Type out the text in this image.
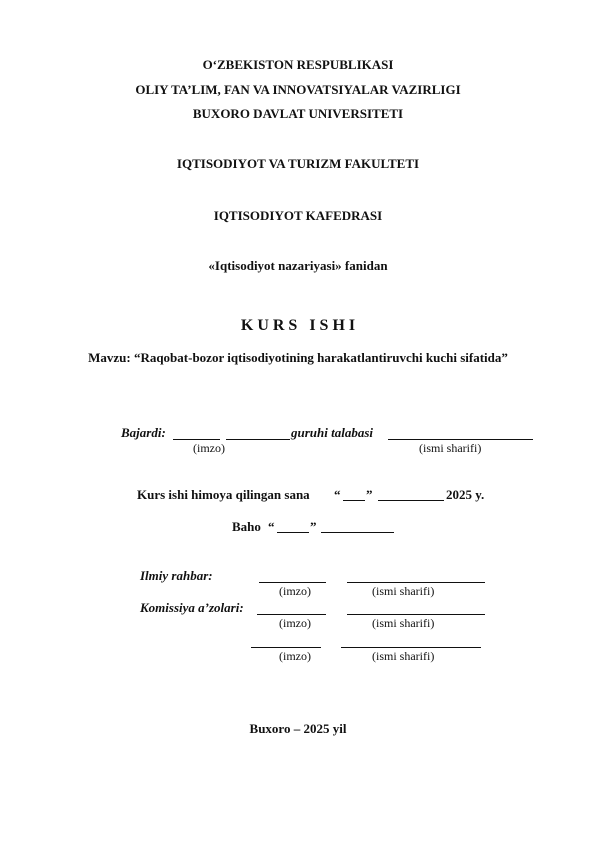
O‘ZBEKISTON RESPUBLIKASI
OLIY TA’LIM, FAN VA INNOVATSIYALAR VAZIRLIGI
BUXORO DAVLAT UNIVERSITETI
IQTISODIYOT VA TURIZM FAKULTETI
IQTISODIYOT KAFEDRASI
«Iqtisodiyot nazariyasi» fanidan
K U R S   I S H I
Mavzu: “Raqobat-bozor iqtisodiyotining harakatlantiruvchi kuchi sifatida”
Bajardi:	guruhi talabasi
(imzo)	(ismi sharifi)
Kurs ishi himoya qilingan sana “ ”	2025 y.
Baho “	”
Ilmiy rahbar:
(imzo)	(ismi sharifi)
Komissiya a’zolari:
(imzo)	(ismi sharifi)
(imzo)	(ismi sharifi)
Buxoro – 2025 yil
